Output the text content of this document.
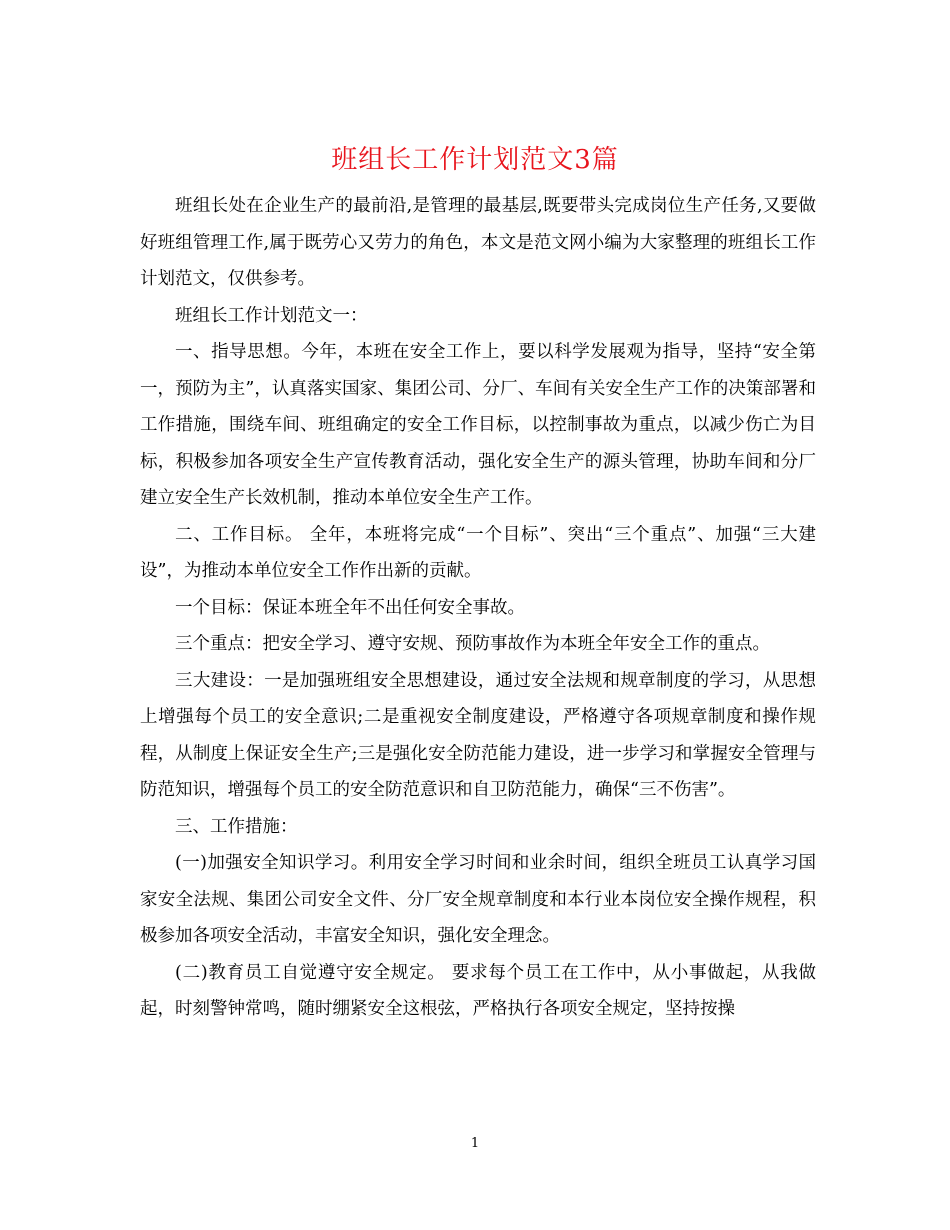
班组长工作计划范文3篇

班组长处在企业生产的最前沿,是管理的最基层,既要带头完成岗位生产任务,又要做好班组管理工作,属于既劳心又劳力的角色，本文是范文网小编为大家整理的班组长工作计划范文，仅供参考。

班组长工作计划范文一：

一、指导思想。今年，本班在安全工作上，要以科学发展观为指导，坚持“安全第一，预防为主”，认真落实国家、集团公司、分厂、车间有关安全生产工作的决策部署和工作措施，围绕车间、班组确定的安全工作目标，以控制事故为重点，以减少伤亡为目标，积极参加各项安全生产宣传教育活动，强化安全生产的源头管理，协助车间和分厂建立安全生产长效机制，推动本单位安全生产工作。

二、工作目标。 全年，本班将完成“一个目标”、突出“三个重点”、加强“三大建设”，为推动本单位安全工作作出新的贡献。

一个目标：保证本班全年不出任何安全事故。

三个重点：把安全学习、遵守安规、预防事故作为本班全年安全工作的重点。

三大建设：一是加强班组安全思想建设，通过安全法规和规章制度的学习，从思想上增强每个员工的安全意识;二是重视安全制度建设，严格遵守各项规章制度和操作规程，从制度上保证安全生产;三是强化安全防范能力建设，进一步学习和掌握安全管理与防范知识，增强每个员工的安全防范意识和自卫防范能力，确保“三不伤害”。

三、工作措施：

(一)加强安全知识学习。利用安全学习时间和业余时间，组织全班员工认真学习国家安全法规、集团公司安全文件、分厂安全规章制度和本行业本岗位安全操作规程，积极参加各项安全活动，丰富安全知识，强化安全理念。

(二)教育员工自觉遵守安全规定。 要求每个员工在工作中，从小事做起，从我做起，时刻警钟常鸣，随时绷紧安全这根弦，严格执行各项安全规定，坚持按操

1
